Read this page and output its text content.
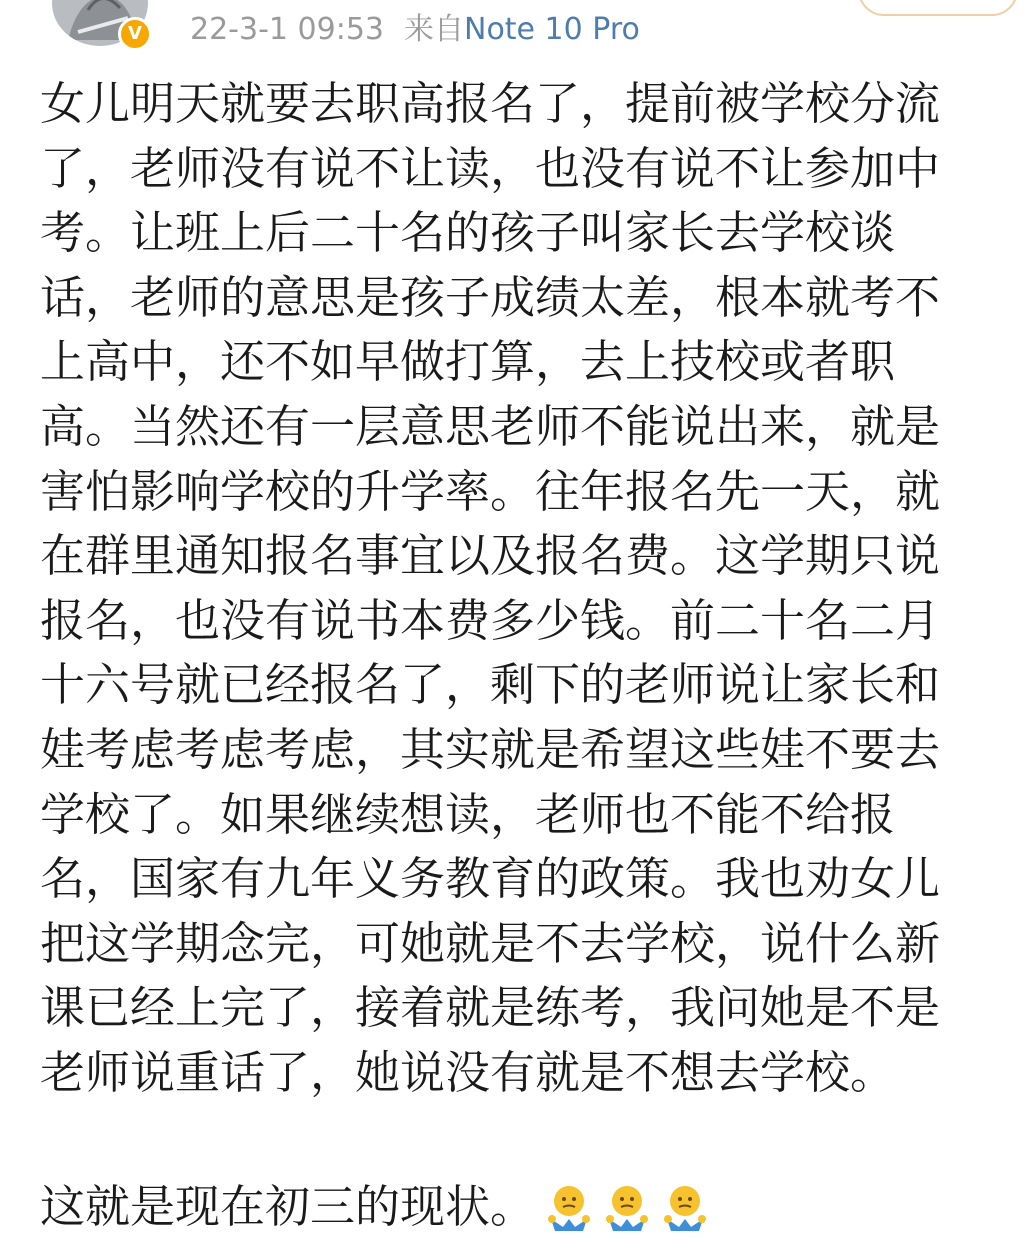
V	22-3-1 09:53 来自Note 10 Pro
女儿明天就要去职高报名了，提前被学校分流
了，老师没有说不让读，也没有说不让参加中
考。让班上后二十名的孩子叫家长去学校谈
话，老师的意思是孩子成绩太差，根本就考不
上高中，还不如早做打算，去上技校或者职
高。当然还有一层意思老师不能说出来，就是
害怕影响学校的升学率。往年报名先一天，就
在群里通知报名事宜以及报名费。这学期只说
报名，也没有说书本费多少钱。前二十名二月
十六号就已经报名了，剩下的老师说让家长和
娃考虑考虑考虑，其实就是希望这些娃不要去
学校了。如果继续想读，老师也不能不给报
名，国家有九年义务教育的政策。我也劝女儿
把这学期念完，可她就是不去学校，说什么新
课已经上完了，接着就是练考，我问她是不是
老师说重话了，她说没有就是不想去学校。
这就是现在初三的现状。
